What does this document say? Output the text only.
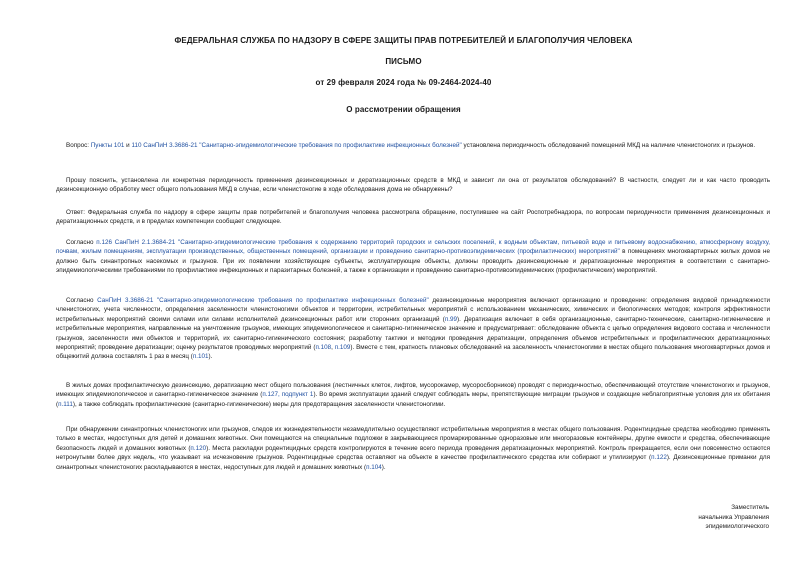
ФЕДЕРАЛЬНАЯ СЛУЖБА ПО НАДЗОРУ В СФЕРЕ ЗАЩИТЫ ПРАВ ПОТРЕБИТЕЛЕЙ И БЛАГОПОЛУЧИЯ ЧЕЛОВЕКА
ПИСЬМО
от 29 февраля 2024 года № 09-2464-2024-40
О рассмотрении обращения
Вопрос: Пункты 101 и 110 СанПиН 3.3686-21 "Санитарно-эпидемиологические требования по профилактике инфекционных болезней" установлена периодичность обследований помещений МКД на наличие членистоногих и грызунов.
Прошу пояснить, установлена ли конкретная периодичность применения дезинсекционных и дератизационных средств в МКД и зависит ли она от результатов обследований? В частности, следует ли и как часто проводить дезинсекционную обработку мест общего пользования МКД в случае, если членистоногие в ходе обследования дома не обнаружены?
Ответ: Федеральная служба по надзору в сфере защиты прав потребителей и благополучия человека рассмотрела обращение, поступившее на сайт Роспотребнадзора, по вопросам периодичности применения дезинсекционных и дератизационных средств, и в пределах компетенции сообщает следующее.
Согласно п.126 СанПиН 2.1.3684-21 "Санитарно-эпидемиологические требования к содержанию территорий городских и сельских поселений, к водным объектам, питьевой воде и питьевому водоснабжению, атмосферному воздуху, почвам, жилым помещениям, эксплуатации производственных, общественных помещений, организации и проведению санитарно-противоэпидемических (профилактических) мероприятий" в помещениях многоквартирных жилых домов не должно быть синантропных насекомых и грызунов. При их появлении хозяйствующие субъекты, эксплуатирующие объекты, должны проводить дезинсекционные и дератизационные мероприятия в соответствии с санитарно-эпидемиологическими требованиями по профилактике инфекционных и паразитарных болезней, а также к организации и проведению санитарно-противоэпидемических (профилактических) мероприятий.
Согласно СанПиН 3.3686-21 "Санитарно-эпидемиологические требования по профилактике инфекционных болезней" дезинсекционные мероприятия включают организацию и проведение: определения видовой принадлежности членистоногих, учета численности, определения заселенности членистоногими объектов и территории, истребительных мероприятий с использованием механических, химических и биологических методов; контроля эффективности истребительных мероприятий своими силами или силами исполнителей дезинсекционных работ или сторонних организаций (п.99). Дератизация включает в себя организационные, санитарно-технические, санитарно-гигиенические и истребительные мероприятия, направленные на уничтожение грызунов, имеющих эпидемиологическое и санитарно-гигиеническое значение и предусматривает: обследование объекта с целью определения видового состава и численности грызунов, заселенности ими объектов и территорий, их санитарно-гигиенического состояния; разработку тактики и методики проведения дератизации, определения объемов истребительных и профилактических дератизационных мероприятий; проведение дератизации; оценку результатов проводимых мероприятий (п.108, п.109). Вместе с тем, кратность плановых обследований на заселенность членистоногими в местах общего пользования многоквартирных домов и общежитий должна составлять 1 раз в месяц (п.101).
В жилых домах профилактическую дезинсекцию, дератизацию мест общего пользования (лестничных клеток, лифтов, мусорокамер, мусоросборников) проводят с периодичностью, обеспечивающей отсутствие членистоногих и грызунов, имеющих эпидемиологическое и санитарно-гигиеническое значение (п.127, подпункт 1). Во время эксплуатации зданий следует соблюдать меры, препятствующие миграции грызунов и создающие неблагоприятные условия для их обитания (п.111), а также соблюдать профилактические (санитарно-гигиенические) меры для предотвращения заселенности членистоногими.
При обнаружении синантропных членистоногих или грызунов, следов их жизнедеятельности незамедлительно осуществляют истребительные мероприятия в местах общего пользования. Родентицидные средства необходимо применять только в местах, недоступных для детей и домашних животных. Они помещаются на специальные подложки в закрывающиеся промаркированные одноразовые или многоразовые контейнеры, другие емкости и средства, обеспечивающие безопасность людей и домашних животных (п.120). Места раскладки родентицидных средств контролируются в течение всего периода проведения дератизационных мероприятий. Контроль прекращается, если они повсеместно остаются нетронутыми более двух недель, что указывает на исчезновение грызунов. Родентицидные средства оставляют на объекте в качестве профилактического средства или собирают и утилизируют (п.122). Дезинсекционные приманки для синантропных членистоногих раскладываются в местах, недоступных для людей и домашних животных (п.104).
Заместитель
начальника Управления
эпидемиологического
